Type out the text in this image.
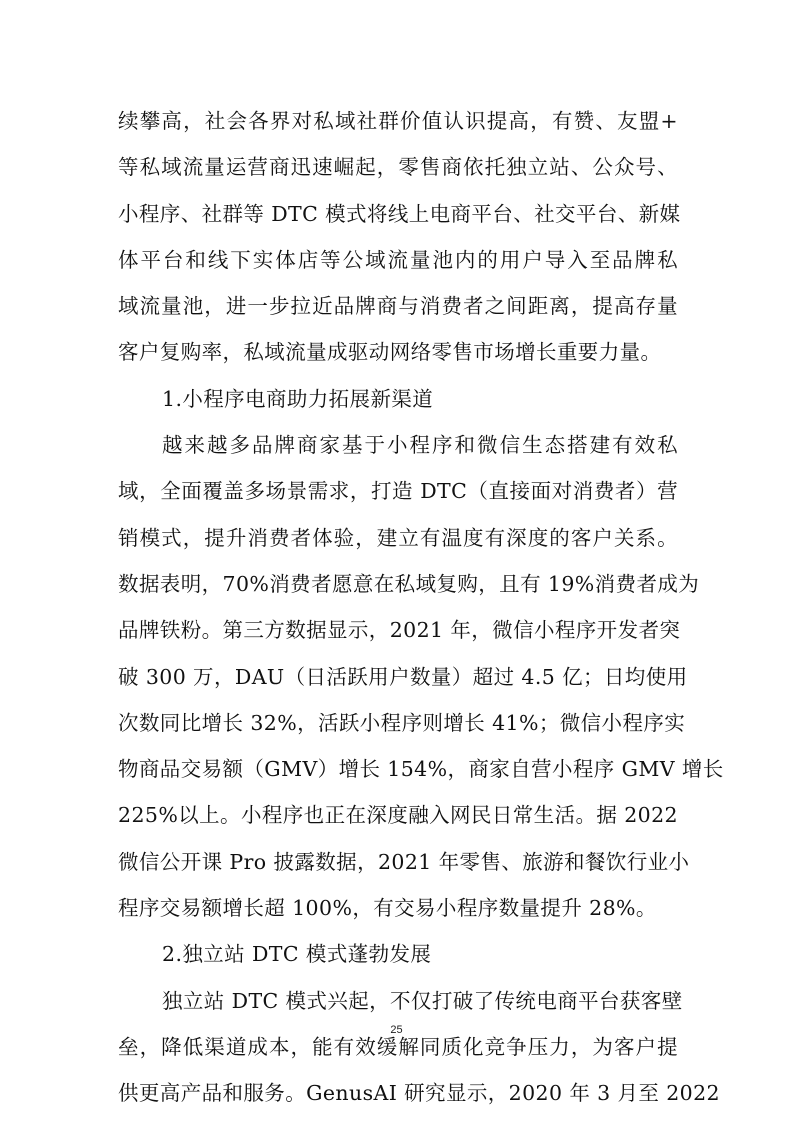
续攀高，社会各界对私域社群价值认识提高，有赞、友盟+
等私域流量运营商迅速崛起，零售商依托独立站、公众号、
小程序、社群等 DTC 模式将线上电商平台、社交平台、新媒
体平台和线下实体店等公域流量池内的用户导入至品牌私
域流量池，进一步拉近品牌商与消费者之间距离，提高存量
客户复购率，私域流量成驱动网络零售市场增长重要力量。
1.小程序电商助力拓展新渠道
越来越多品牌商家基于小程序和微信生态搭建有效私
域，全面覆盖多场景需求，打造 DTC（直接面对消费者）营
销模式，提升消费者体验，建立有温度有深度的客户关系。
数据表明，70%消费者愿意在私域复购，且有 19%消费者成为
品牌铁粉。第三方数据显示，2021 年，微信小程序开发者突
破 300 万，DAU（日活跃用户数量）超过 4.5 亿；日均使用
次数同比增长 32%，活跃小程序则增长 41%；微信小程序实
物商品交易额（GMV）增长 154%，商家自营小程序 GMV 增长
225%以上。小程序也正在深度融入网民日常生活。据 2022
微信公开课 Pro 披露数据，2021 年零售、旅游和餐饮行业小
程序交易额增长超 100%，有交易小程序数量提升 28%。
2.独立站 DTC 模式蓬勃发展
独立站 DTC 模式兴起，不仅打破了传统电商平台获客壁
垒，降低渠道成本，能有效缓解同质化竞争压力，为客户提
供更高产品和服务。GenusAI 研究显示，2020 年 3 月至 2022
25
